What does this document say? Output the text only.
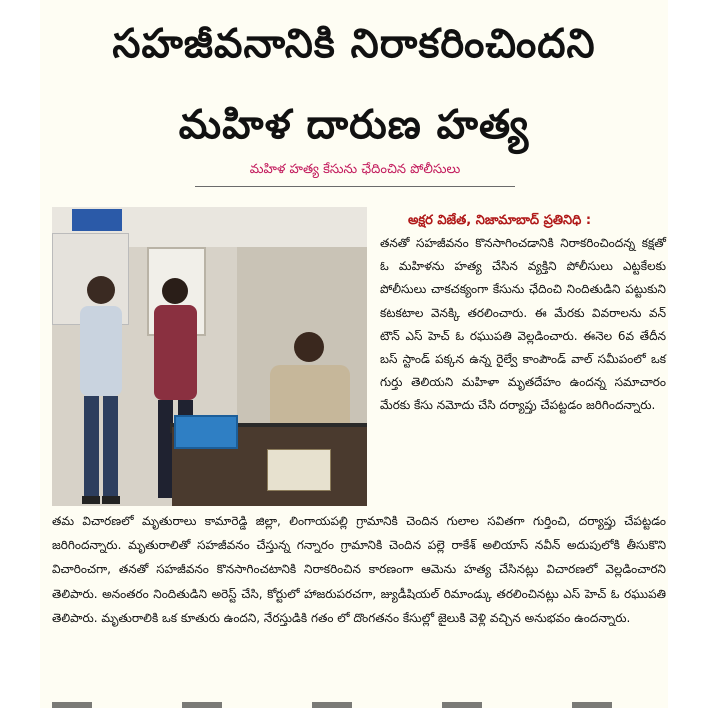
సహజీవనానికి నిరాకరించిందని
మహిళ దారుణ హత్య
మహిళ హత్య కేసును ఛేదించిన పోలీసులు
అక్షర విజేత, నిజామాబాద్ ప్రతినిధి :
తనతో సహజీవనం కొనసాగించడానికి నిరాకరించిందన్న కక్షతో ఓ మహిళను హత్య చేసిన వ్యక్తిని పోలీసులు ఎట్టకేలకు పోలీసులు చాకచక్యంగా కేసును ఛేదించి నిందితుడిని పట్టుకుని కటకటాల వెనక్కి తరలించారు. ఈ మేరకు వివరాలను వన్ టౌన్ ఎస్ హెచ్ ఓ రఘుపతి వెల్లడించారు. ఈనెల 6వ తేదీన బస్ స్టాండ్ పక్కన ఉన్న రైల్వే కాంపౌండ్ వాల్ సమీపంలో ఒక గుర్తు తెలియని మహిళా మృతదేహం ఉందన్న సమాచారం మేరకు కేసు నమోదు చేసి దర్యాప్తు చేపట్టడం జరిగిందన్నారు.
తమ విచారణలో మృతురాలు కామారెడ్డి జిల్లా, లింగాయపల్లి గ్రామానికి చెందిన గులాల సవితగా గుర్తించి, దర్యాప్తు చేపట్టడం జరిగిందన్నారు. మృతురాలితో సహజీవనం చేస్తున్న గన్నారం గ్రామానికి చెందిన పల్లె రాకేశ్ అలియాస్ నవీన్ అదుపులోకి తీసుకొని విచారించగా, తనతో సహజీవనం కొనసాగించటానికి నిరాకరించిన కారణంగా ఆమెను హత్య చేసినట్లు విచారణలో వెల్లడించారని తెలిపారు. అనంతరం నిందితుడిని అరెస్ట్ చేసి, కోర్టులో హాజరుపరచగా, జ్యుడీషియల్ రిమాండ్కు తరలించినట్లు ఎస్ హెచ్ ఓ రఘుపతి తెలిపారు. మృతురాలికి ఒక కూతురు ఉందని, నేరస్తుడికి గతం లో దొంగతనం కేసుల్లో జైలుకి వెళ్లి వచ్చిన అనుభవం ఉందన్నారు.
